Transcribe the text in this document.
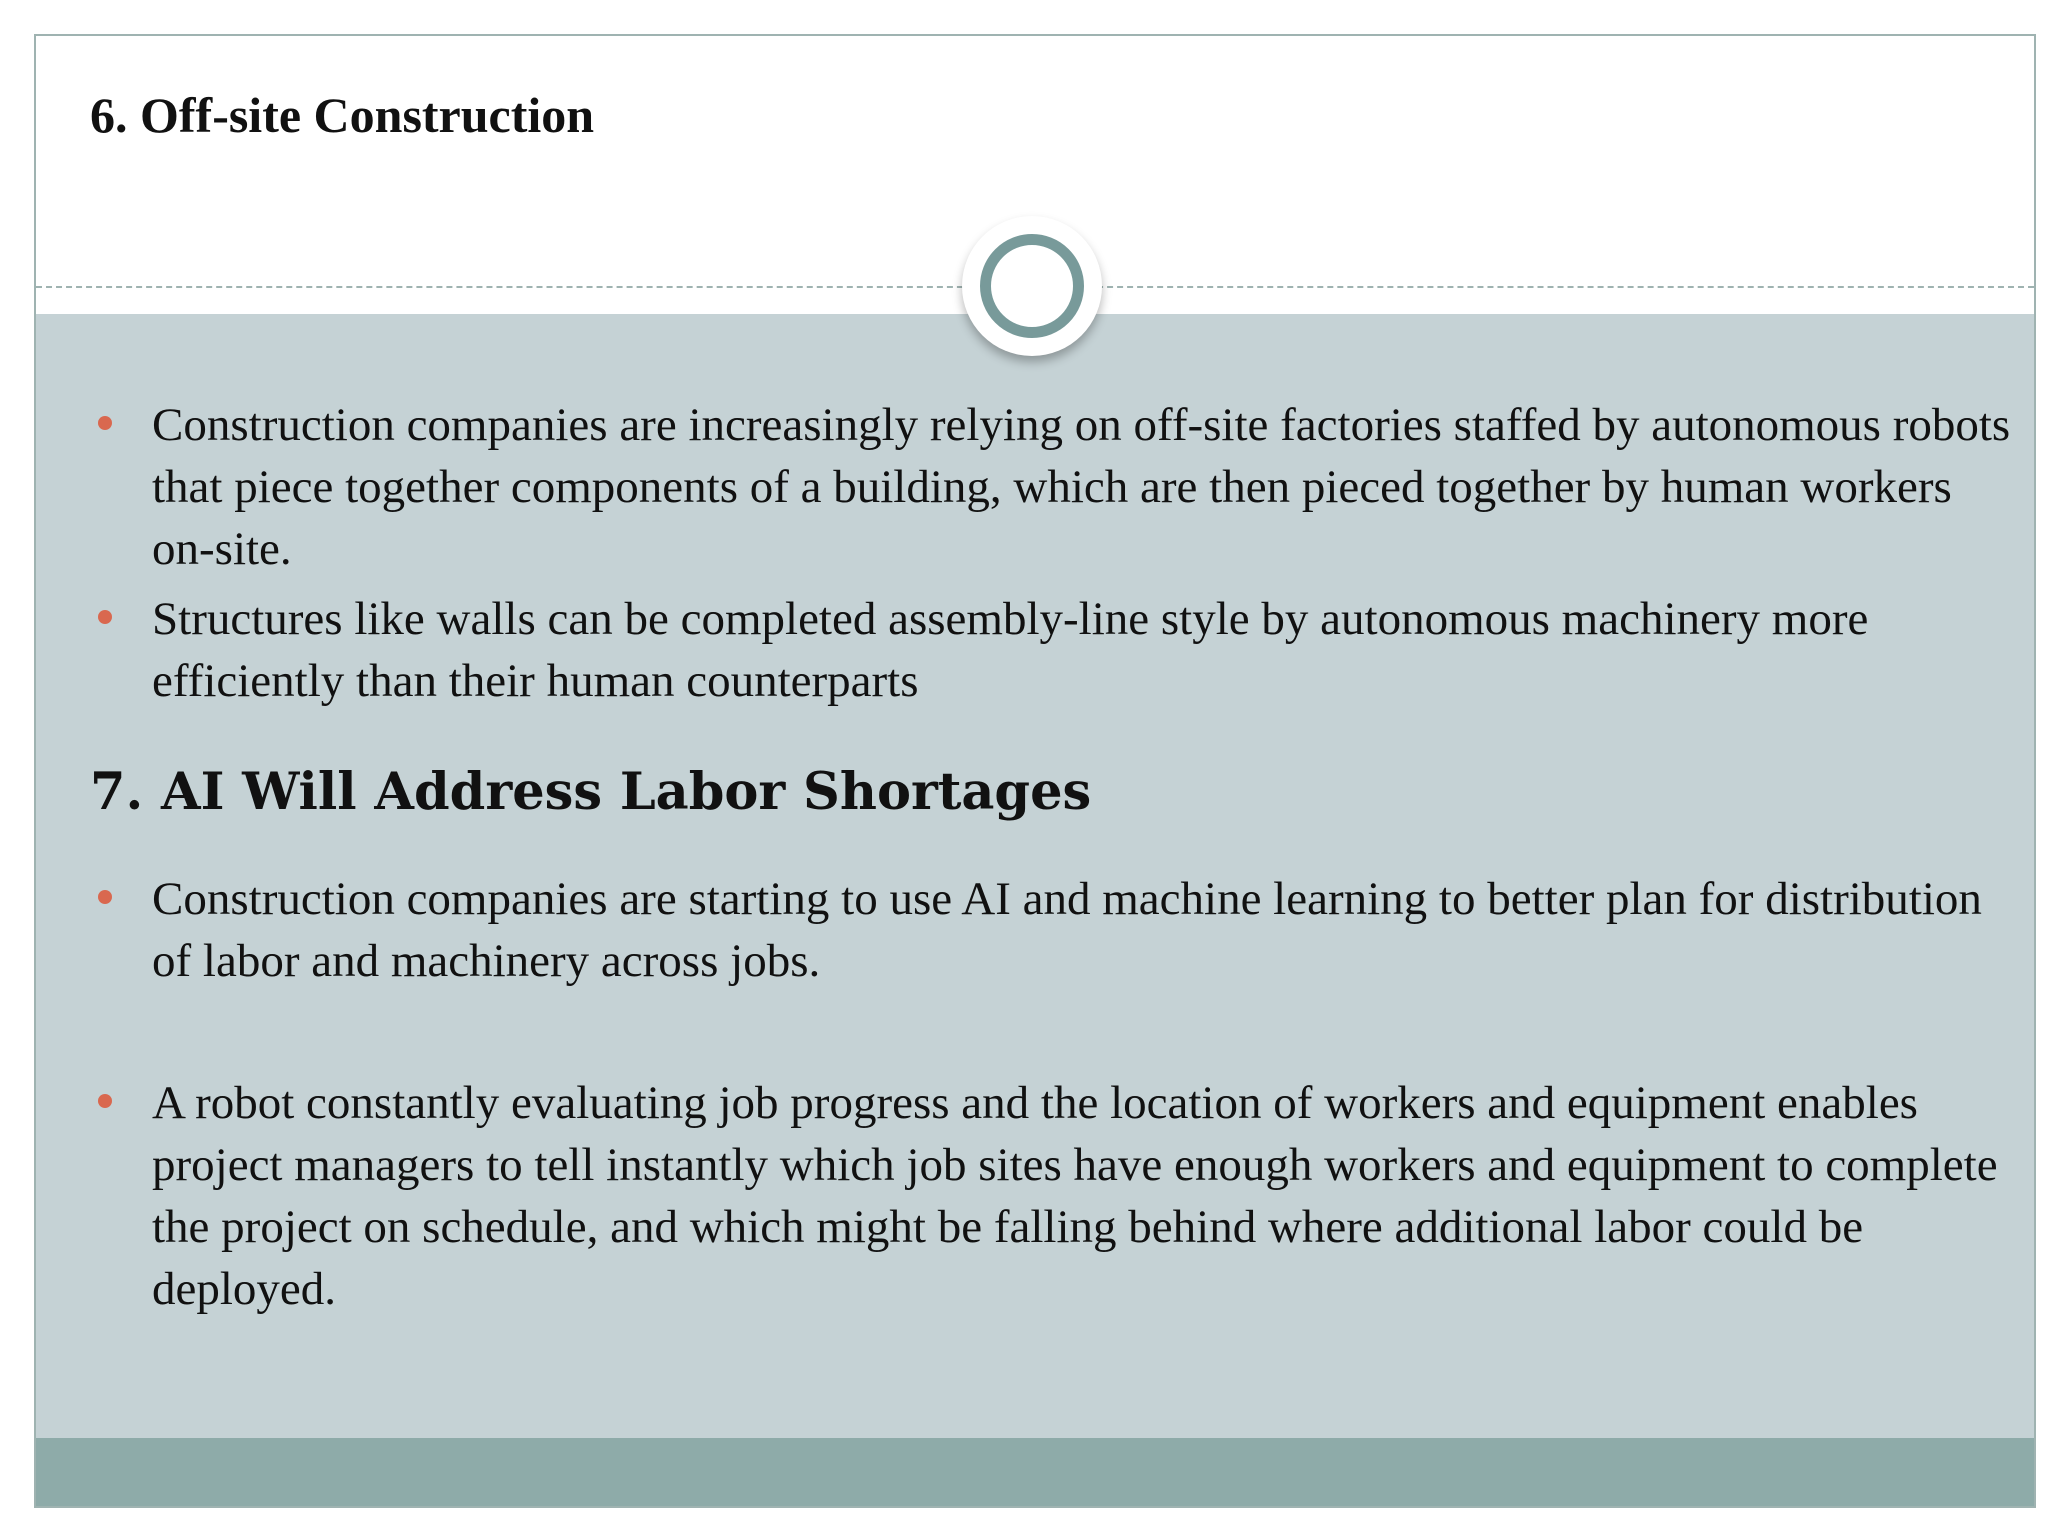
6. Off-site Construction

Construction companies are increasingly relying on off-site factories staffed by autonomous robots that piece together components of a building, which are then pieced together by human workers on-site.

Structures like walls can be completed assembly-line style by autonomous machinery more efficiently than their human counterparts

7. AI Will Address Labor Shortages

Construction companies are starting to use AI and machine learning to better plan for distribution of labor and machinery across jobs.

A robot constantly evaluating job progress and the location of workers and equipment enables project managers to tell instantly which job sites have enough workers and equipment to complete the project on schedule, and which might be falling behind where additional labor could be deployed.
